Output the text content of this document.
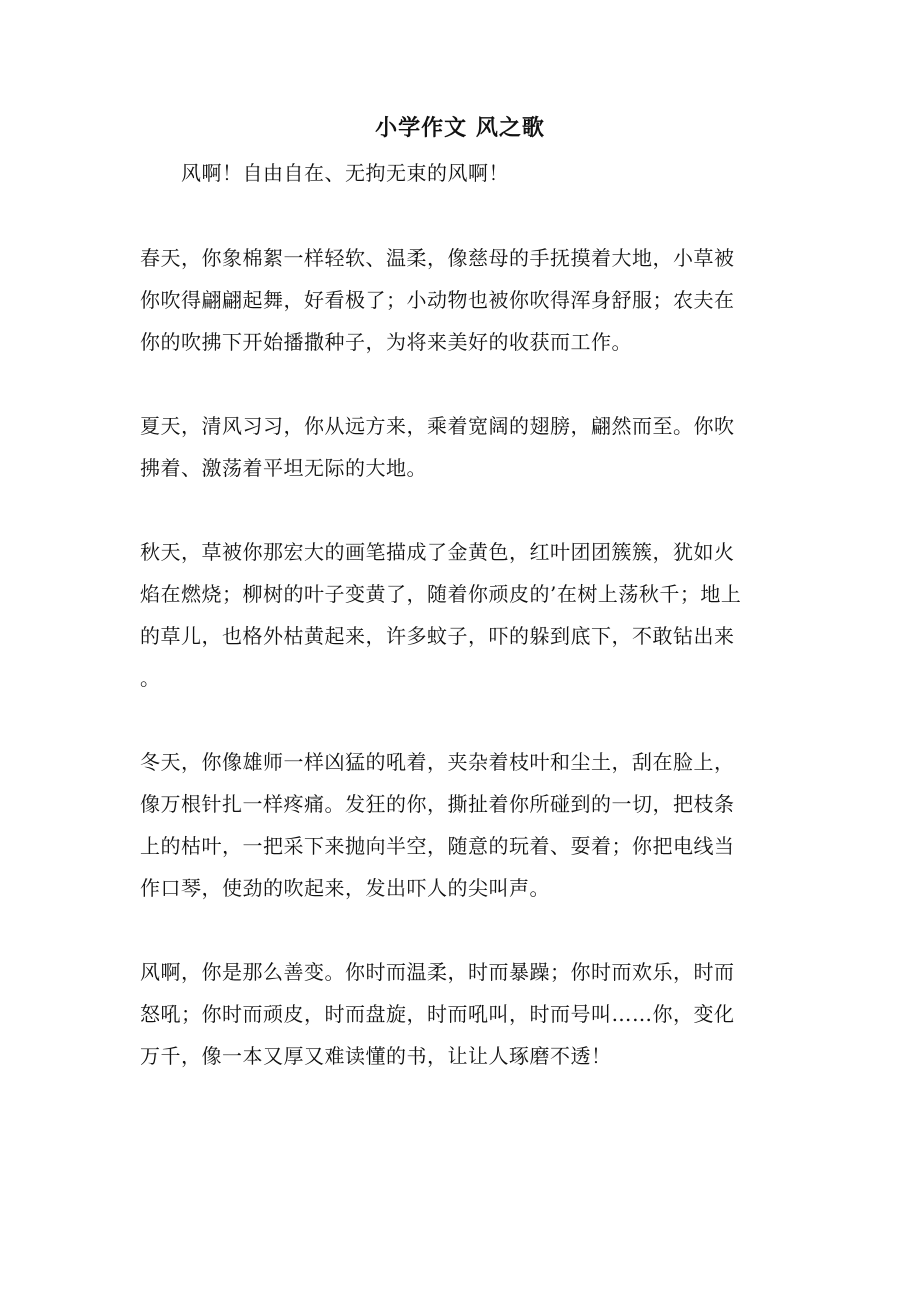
小学作文 风之歌
风啊！自由自在、无拘无束的风啊！
春天，你象棉絮一样轻软、温柔，像慈母的手抚摸着大地，小草被
你吹得翩翩起舞，好看极了；小动物也被你吹得浑身舒服；农夫在
你的吹拂下开始播撒种子，为将来美好的收获而工作。
夏天，清风习习，你从远方来，乘着宽阔的翅膀，翩然而至。你吹
拂着、激荡着平坦无际的大地。
秋天，草被你那宏大的画笔描成了金黄色，红叶团团簇簇，犹如火
焰在燃烧；柳树的叶子变黄了，随着你顽皮的’在树上荡秋千；地上
的草儿，也格外枯黄起来，许多蚊子，吓的躲到底下，不敢钻出来
。
冬天，你像雄师一样凶猛的吼着，夹杂着枝叶和尘土，刮在脸上，
像万根针扎一样疼痛。发狂的你，撕扯着你所碰到的一切，把枝条
上的枯叶，一把采下来抛向半空，随意的玩着、耍着；你把电线当
作口琴，使劲的吹起来，发出吓人的尖叫声。
风啊，你是那么善变。你时而温柔，时而暴躁；你时而欢乐，时而
怒吼；你时而顽皮，时而盘旋，时而吼叫，时而号叫……你，变化
万千，像一本又厚又难读懂的书，让让人琢磨不透！
